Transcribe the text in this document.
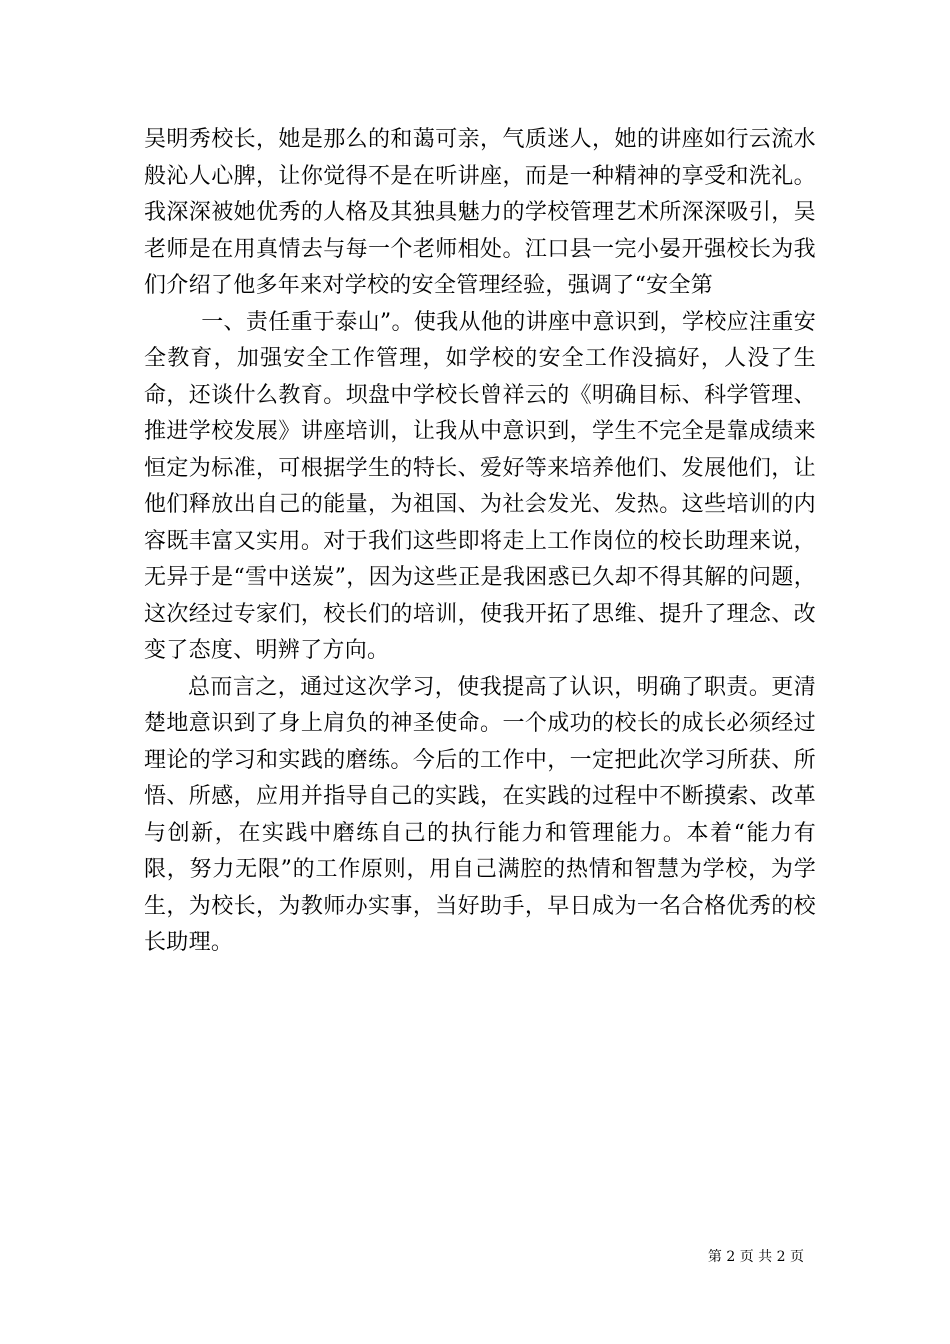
吴明秀校长，她是那么的和蔼可亲，气质迷人，她的讲座如行云流水般沁人心脾，让你觉得不是在听讲座，而是一种精神的享受和洗礼。我深深被她优秀的人格及其独具魅力的学校管理艺术所深深吸引，吴老师是在用真情去与每一个老师相处。江口县一完小晏开强校长为我们介绍了他多年来对学校的安全管理经验，强调了“安全第

一、责任重于泰山”。使我从他的讲座中意识到，学校应注重安全教育，加强安全工作管理，如学校的安全工作没搞好，人没了生命，还谈什么教育。坝盘中学校长曾祥云的《明确目标、科学管理、推进学校发展》讲座培训，让我从中意识到，学生不完全是靠成绩来恒定为标准，可根据学生的特长、爱好等来培养他们、发展他们，让他们释放出自己的能量，为祖国、为社会发光、发热。这些培训的内容既丰富又实用。对于我们这些即将走上工作岗位的校长助理来说，无异于是“雪中送炭”，因为这些正是我困惑已久却不得其解的问题，这次经过专家们，校长们的培训，使我开拓了思维、提升了理念、改变了态度、明辨了方向。

总而言之，通过这次学习，使我提高了认识，明确了职责。更清楚地意识到了身上肩负的神圣使命。一个成功的校长的成长必须经过理论的学习和实践的磨练。今后的工作中，一定把此次学习所获、所悟、所感，应用并指导自己的实践，在实践的过程中不断摸索、改革与创新，在实践中磨练自己的执行能力和管理能力。本着“能力有限，努力无限”的工作原则，用自己满腔的热情和智慧为学校，为学生，为校长，为教师办实事，当好助手，早日成为一名合格优秀的校长助理。

第 2 页 共 2 页
